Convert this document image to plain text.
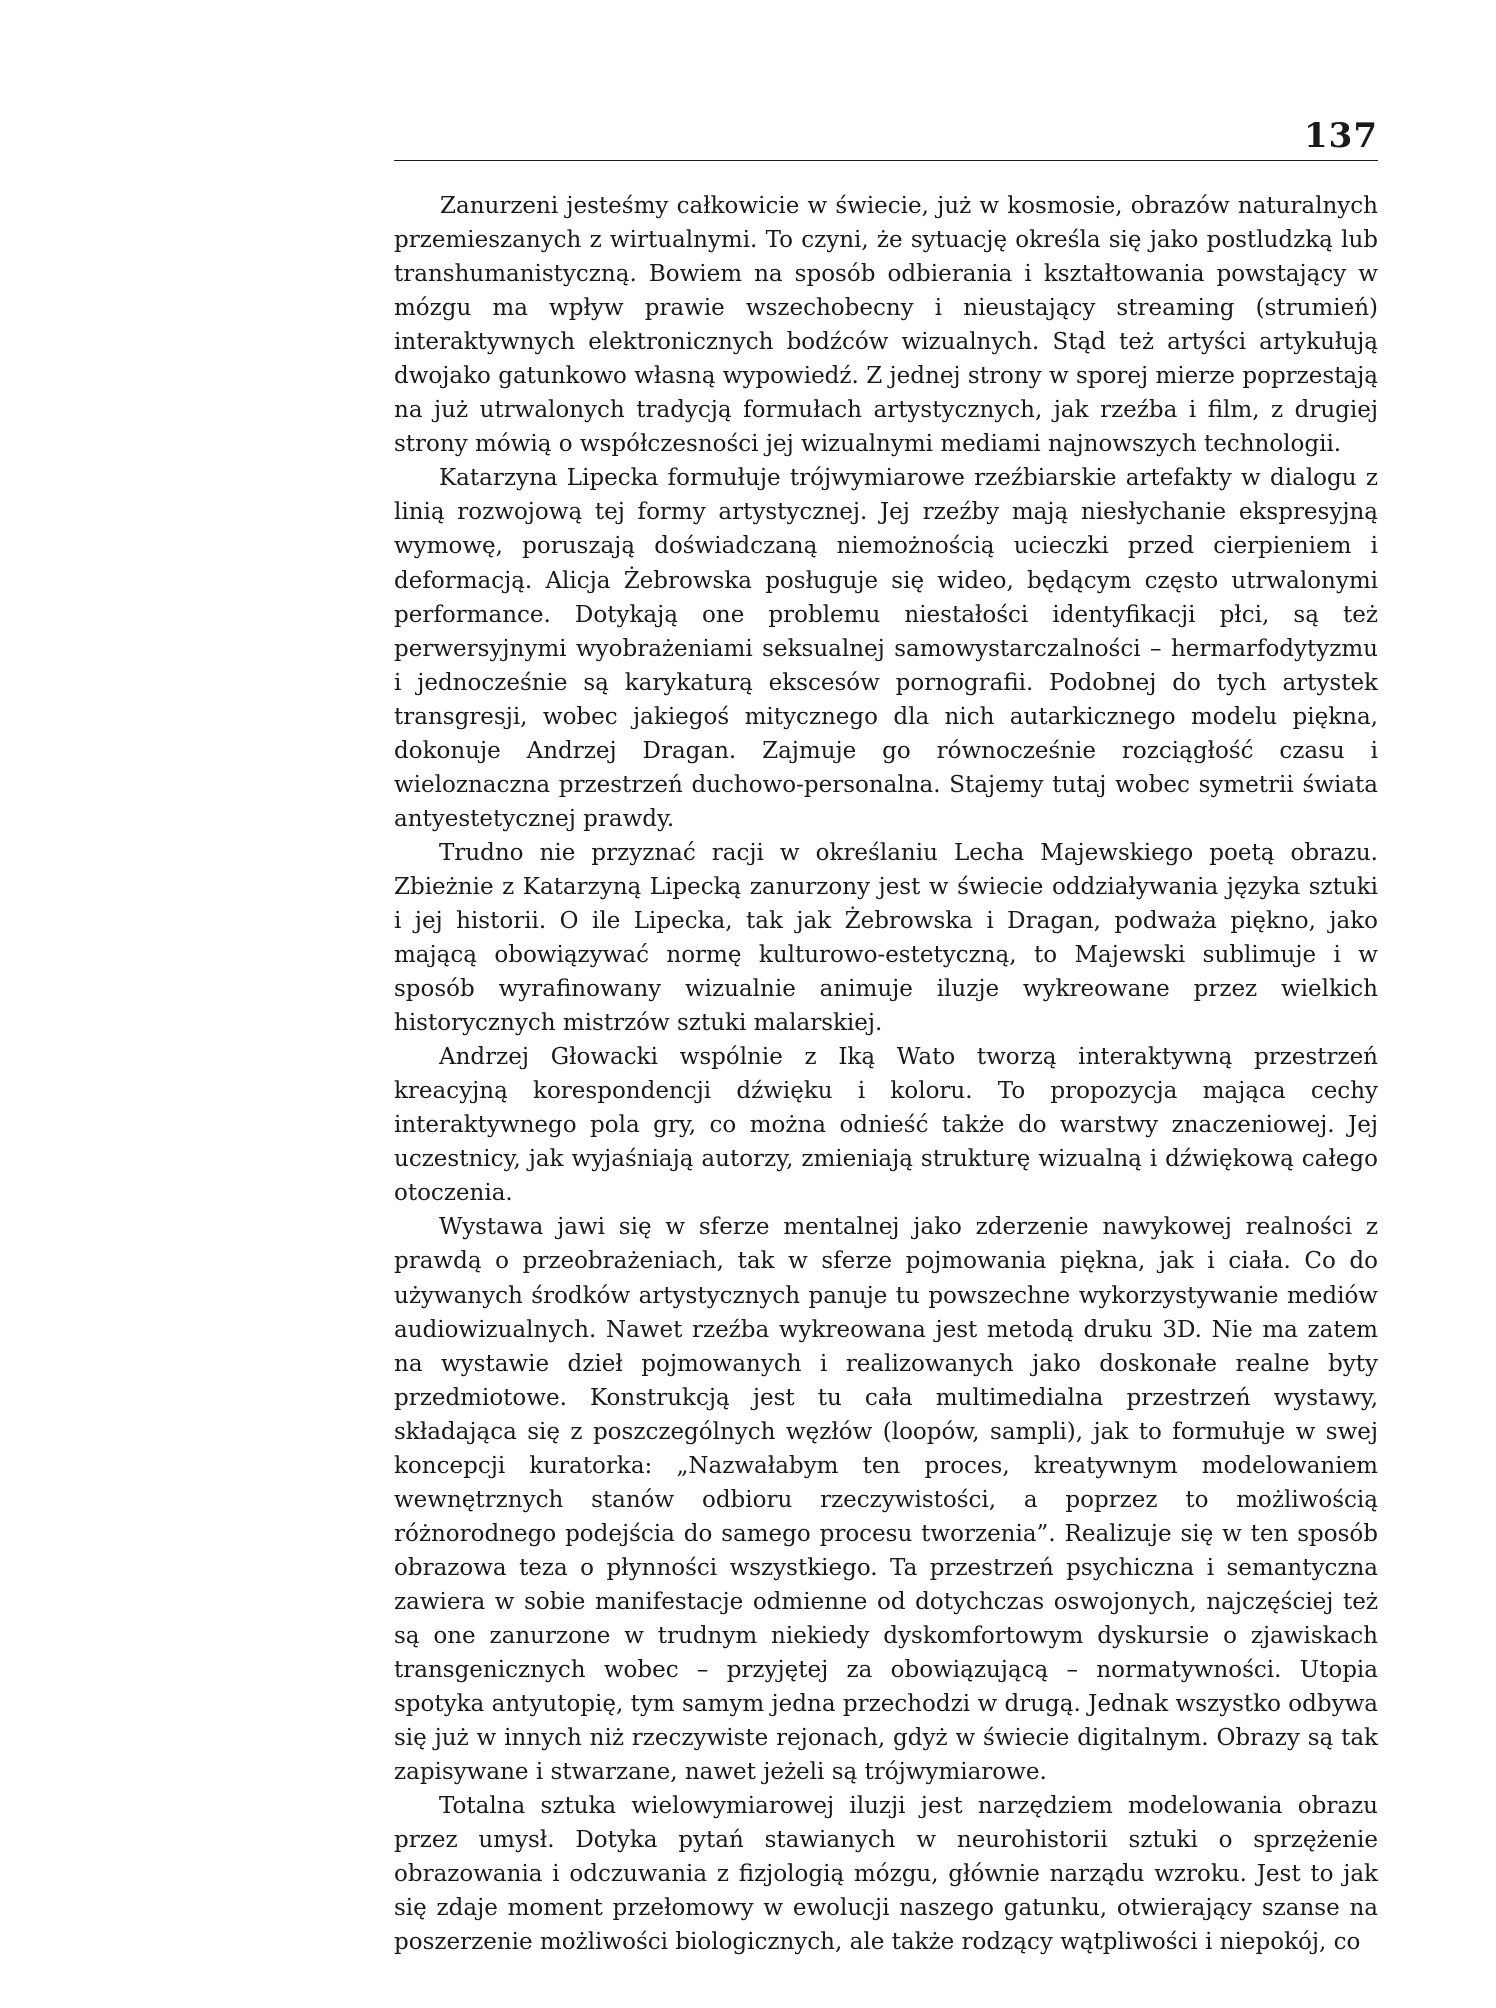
137

Zanurzeni jesteśmy całkowicie w świecie, już w kosmosie, obrazów naturalnych przemieszanych z wirtualnymi. To czyni, że sytuację określa się jako postludzką lub transhumanistyczną. Bowiem na sposób odbierania i kształtowania powstający w mózgu ma wpływ prawie wszechobecny i nieustający streaming (strumień) interaktywnych elektronicznych bodźców wizualnych. Stąd też artyści artykułują dwojako gatunkowo własną wypowiedź. Z jednej strony w sporej mierze poprzestają na już utrwalonych tradycją formułach artystycznych, jak rzeźba i film, z drugiej strony mówią o współczesności jej wizualnymi mediami najnowszych technologii.

Katarzyna Lipecka formułuje trójwymiarowe rzeźbiarskie artefakty w dialogu z linią rozwojową tej formy artystycznej. Jej rzeźby mają niesłychanie ekspresyjną wymowę, poruszają doświadczaną niemożnością ucieczki przed cierpieniem i deformacją. Alicja Żebrowska posługuje się wideo, będącym często utrwalonymi performance. Dotykają one problemu niestałości identyfikacji płci, są też perwersyjnymi wyobrażeniami seksualnej samowystarczalności – hermarfodytyzmu i jednocześnie są karykaturą ekscesów pornografii. Podobnej do tych artystek transgresji, wobec jakiegoś mitycznego dla nich autarkicznego modelu piękna, dokonuje Andrzej Dragan. Zajmuje go równocześnie rozciągłość czasu i wieloznaczna przestrzeń duchowo-personalna. Stajemy tutaj wobec symetrii świata antyestetycznej prawdy.

Trudno nie przyznać racji w określaniu Lecha Majewskiego poetą obrazu. Zbieżnie z Katarzyną Lipecką zanurzony jest w świecie oddziaływania języka sztuki i jej historii. O ile Lipecka, tak jak Żebrowska i Dragan, podważa piękno, jako mającą obowiązywać normę kulturowo-estetyczną, to Majewski sublimuje i w sposób wyrafinowany wizualnie animuje iluzje wykreowane przez wielkich historycznych mistrzów sztuki malarskiej.

Andrzej Głowacki wspólnie z Iką Wato tworzą interaktywną przestrzeń kreacyjną korespondencji dźwięku i koloru. To propozycja mająca cechy interaktywnego pola gry, co można odnieść także do warstwy znaczeniowej. Jej uczestnicy, jak wyjaśniają autorzy, zmieniają strukturę wizualną i dźwiękową całego otoczenia.

Wystawa jawi się w sferze mentalnej jako zderzenie nawykowej realności z prawdą o przeobrażeniach, tak w sferze pojmowania piękna, jak i ciała. Co do używanych środków artystycznych panuje tu powszechne wykorzystywanie mediów audiowizualnych. Nawet rzeźba wykreowana jest metodą druku 3D. Nie ma zatem na wystawie dzieł pojmowanych i realizowanych jako doskonałe realne byty przedmiotowe. Konstrukcją jest tu cała multimedialna przestrzeń wystawy, składająca się z poszczególnych węzłów (loopów, sampli), jak to formułuje w swej koncepcji kuratorka: „Nazwałabym ten proces, kreatywnym modelowaniem wewnętrznych stanów odbioru rzeczywistości, a poprzez to możliwością różnorodnego podejścia do samego procesu tworzenia”. Realizuje się w ten sposób obrazowa teza o płynności wszystkiego. Ta przestrzeń psychiczna i semantyczna zawiera w sobie manifestacje odmienne od dotychczas oswojonych, najczęściej też są one zanurzone w trudnym niekiedy dyskomfortowym dyskursie o zjawiskach transgenicznych wobec – przyjętej za obowiązującą – normatywności. Utopia spotyka antyutopię, tym samym jedna przechodzi w drugą. Jednak wszystko odbywa się już w innych niż rzeczywiste rejonach, gdyż w świecie digitalnym. Obrazy są tak zapisywane i stwarzane, nawet jeżeli są trójwymiarowe.

Totalna sztuka wielowymiarowej iluzji jest narzędziem modelowania obrazu przez umysł. Dotyka pytań stawianych w neurohistorii sztuki o sprzężenie obrazowania i odczuwania z fizjologią mózgu, głównie narządu wzroku. Jest to jak się zdaje moment przełomowy w ewolucji naszego gatunku, otwierający szanse na poszerzenie możliwości biologicznych, ale także rodzący wątpliwości i niepokój, co
